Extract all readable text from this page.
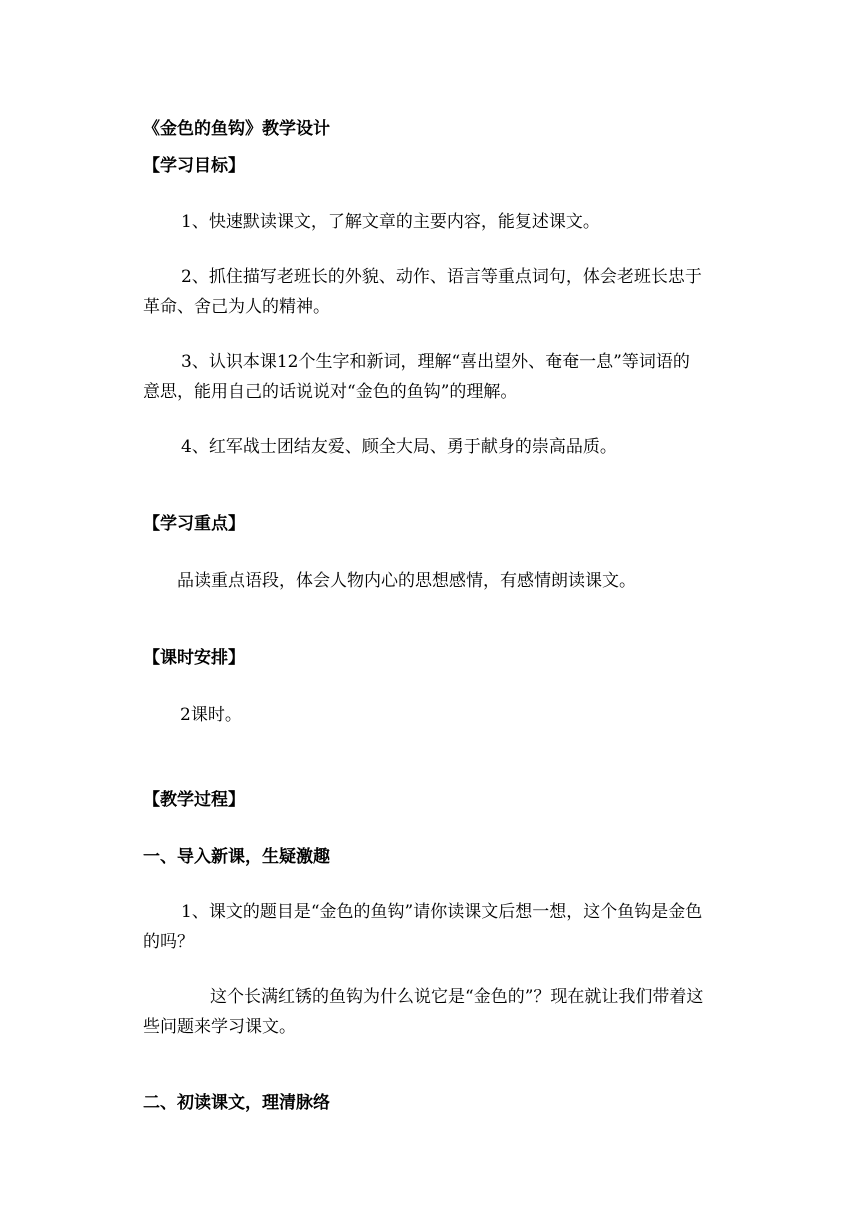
《金色的鱼钩》教学设计
【学习目标】
1、快速默读课文，了解文章的主要内容，能复述课文。
2、抓住描写老班长的外貌、动作、语言等重点词句，体会老班长忠于
革命、舍己为人的精神。
3、认识本课12个生字和新词，理解“喜出望外、奄奄一息”等词语的
意思，能用自己的话说说对“金色的鱼钩”的理解。
4、红军战士团结友爱、顾全大局、勇于献身的崇高品质。
【学习重点】
品读重点语段，体会人物内心的思想感情，有感情朗读课文。
【课时安排】
2课时。
【教学过程】
一、导入新课，生疑激趣
1、课文的题目是“金色的鱼钩”请你读课文后想一想，这个鱼钩是金色
的吗？
这个长满红锈的鱼钩为什么说它是“金色的”？现在就让我们带着这
些问题来学习课文。
二、初读课文，理清脉络
